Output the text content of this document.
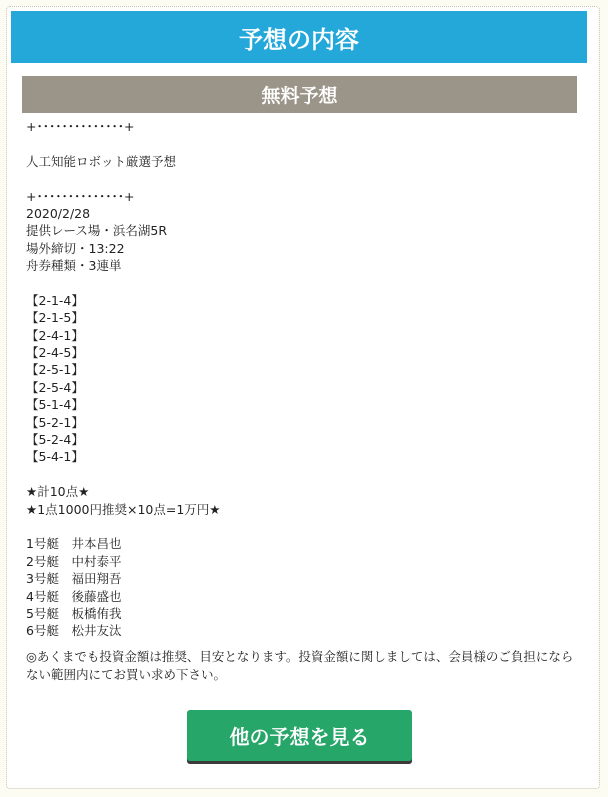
予想の内容
無料予想
+･･････････････+
人工知能ロボット厳選予想
+･･････････････+
2020/2/28
提供レース場・浜名湖5R
場外締切・13:22
舟券種類・3連単
【2-1-4】
【2-1-5】
【2-4-1】
【2-4-5】
【2-5-1】
【2-5-4】
【5-1-4】
【5-2-1】
【5-2-4】
【5-4-1】
★計10点★
★1点1000円推奨×10点=1万円★
1号艇　井本昌也
2号艇　中村泰平
3号艇　福田翔吾
4号艇　後藤盛也
5号艇　板橋侑我
6号艇　松井友汰
◎あくまでも投資金額は推奨、目安となります。投資金額に関しましては、会員様のご負担にならない範囲内にてお買い求め下さい。
他の予想を見る
